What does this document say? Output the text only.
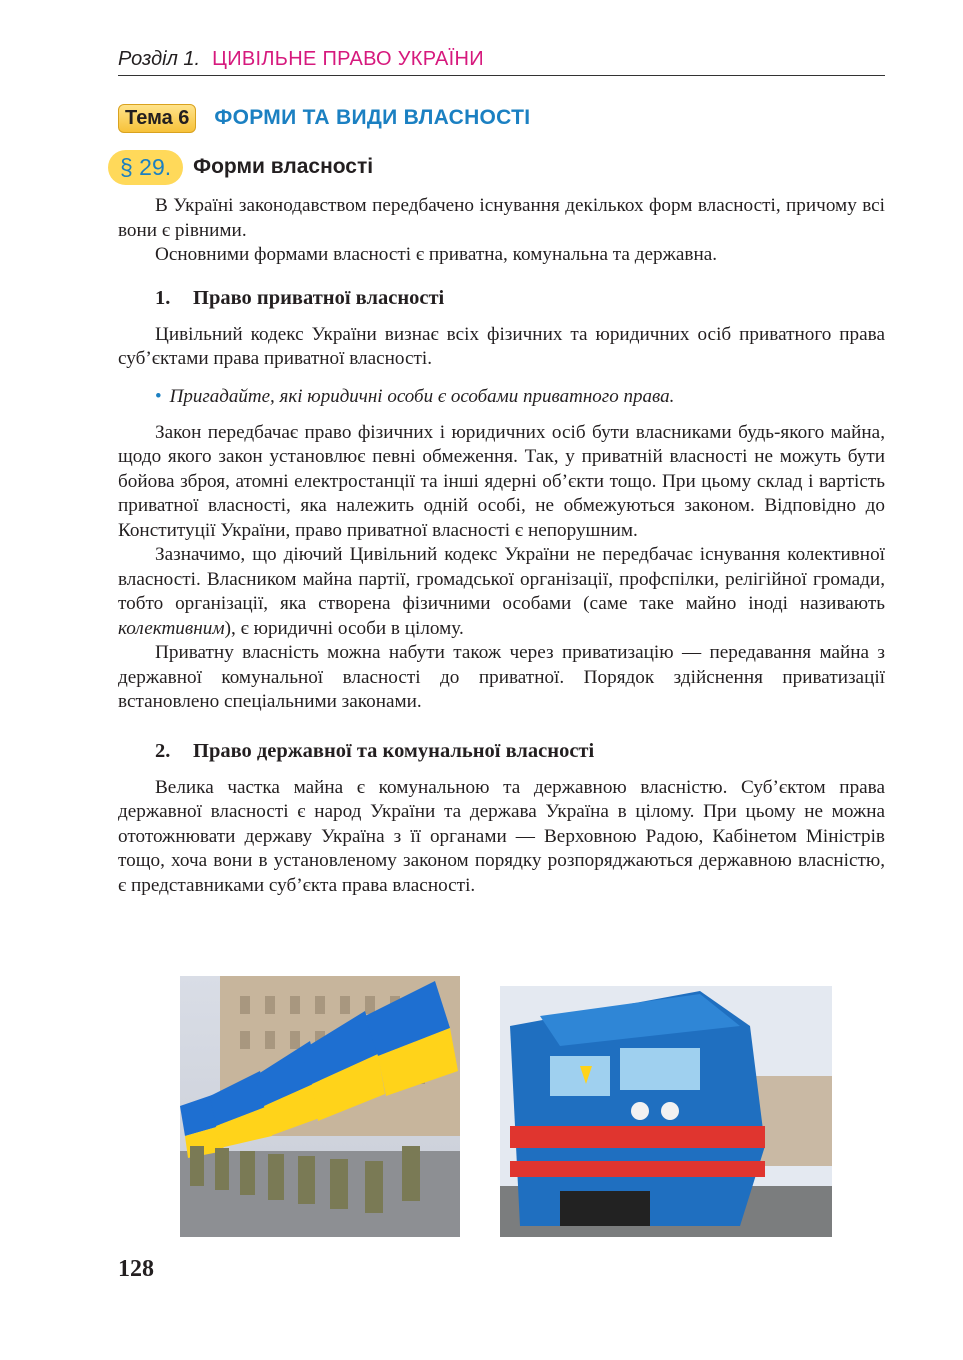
Розділ 1. ЦИВІЛЬНЕ ПРАВО УКРАЇНИ
Тема 6	ФОРМИ ТА ВИДИ ВЛАСНОСТІ
§ 29.	Форми власності

В Україні законодавством передбачено існування декількох форм власності, причому всі вони є рівними.

Основними формами власності є приватна, комунальна та державна.

1. Право приватної власності

Цивільний кодекс України визнає всіх фізичних та юридичних осіб приватного права суб’єктами права приватної власності.

• Пригадайте, які юридичні особи є особами приватного права.

Закон передбачає право фізичних і юридичних осіб бути власниками будь-якого майна, щодо якого закон установлює певні обмеження. Так, у приватній власності не можуть бути бойова зброя, атомні електростанції та інші ядерні об’єкти тощо. При цьому склад і вартість приватної власності, яка належить одній особі, не обмежуються законом. Відповідно до Конституції України, право приватної власності є непорушним.

Зазначимо, що діючий Цивільний кодекс України не передбачає існування колективної власності. Власником майна партії, громадської організації, профспілки, релігійної громади, тобто організації, яка створена фізичними особами (саме таке майно іноді називають колективним), є юридичні особи в цілому.

Приватну власність можна набути також через приватизацію — передавання майна з державної комунальної власності до приватної. Порядок здійснення приватизації встановлено спеціальними законами.

2. Право державної та комунальної власності

Велика частка майна є комунальною та державною власністю. Суб’єктом права державної власності є народ України та держава Україна в цілому. При цьому не можна ототожнювати державу Україна з її органами — Верховною Радою, Кабінетом Міністрів тощо, хоча вони в установленому законом порядку розпоряджаються державною власністю, є представниками суб’єкта права власності.

128
